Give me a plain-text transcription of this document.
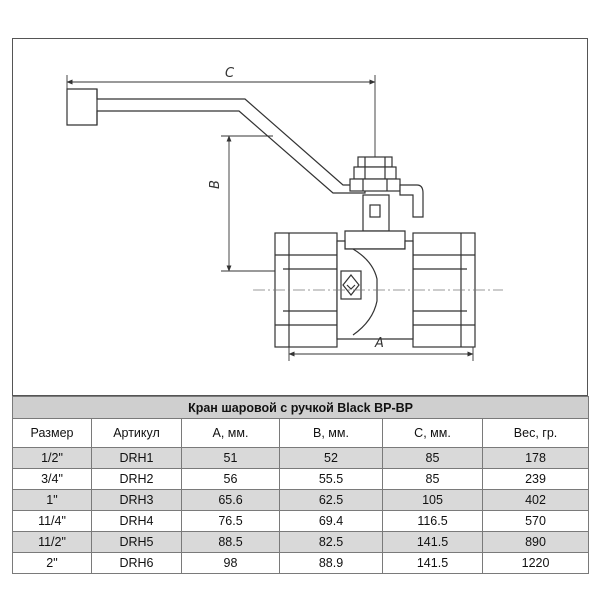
C
B
A
Кран шаровой с ручкой Black ВР-ВР					
Размер	Артикул	A, мм.	B, мм.	C, мм.	Вес, гр.
1/2"	DRH1	51	52	85	178
3/4"	DRH2	56	55.5	85	239
1"	DRH3	65.6	62.5	105	402
11/4"	DRH4	76.5	69.4	116.5	570
11/2"	DRH5	88.5	82.5	141.5	890
2"	DRH6	98	88.9	141.5	1220
